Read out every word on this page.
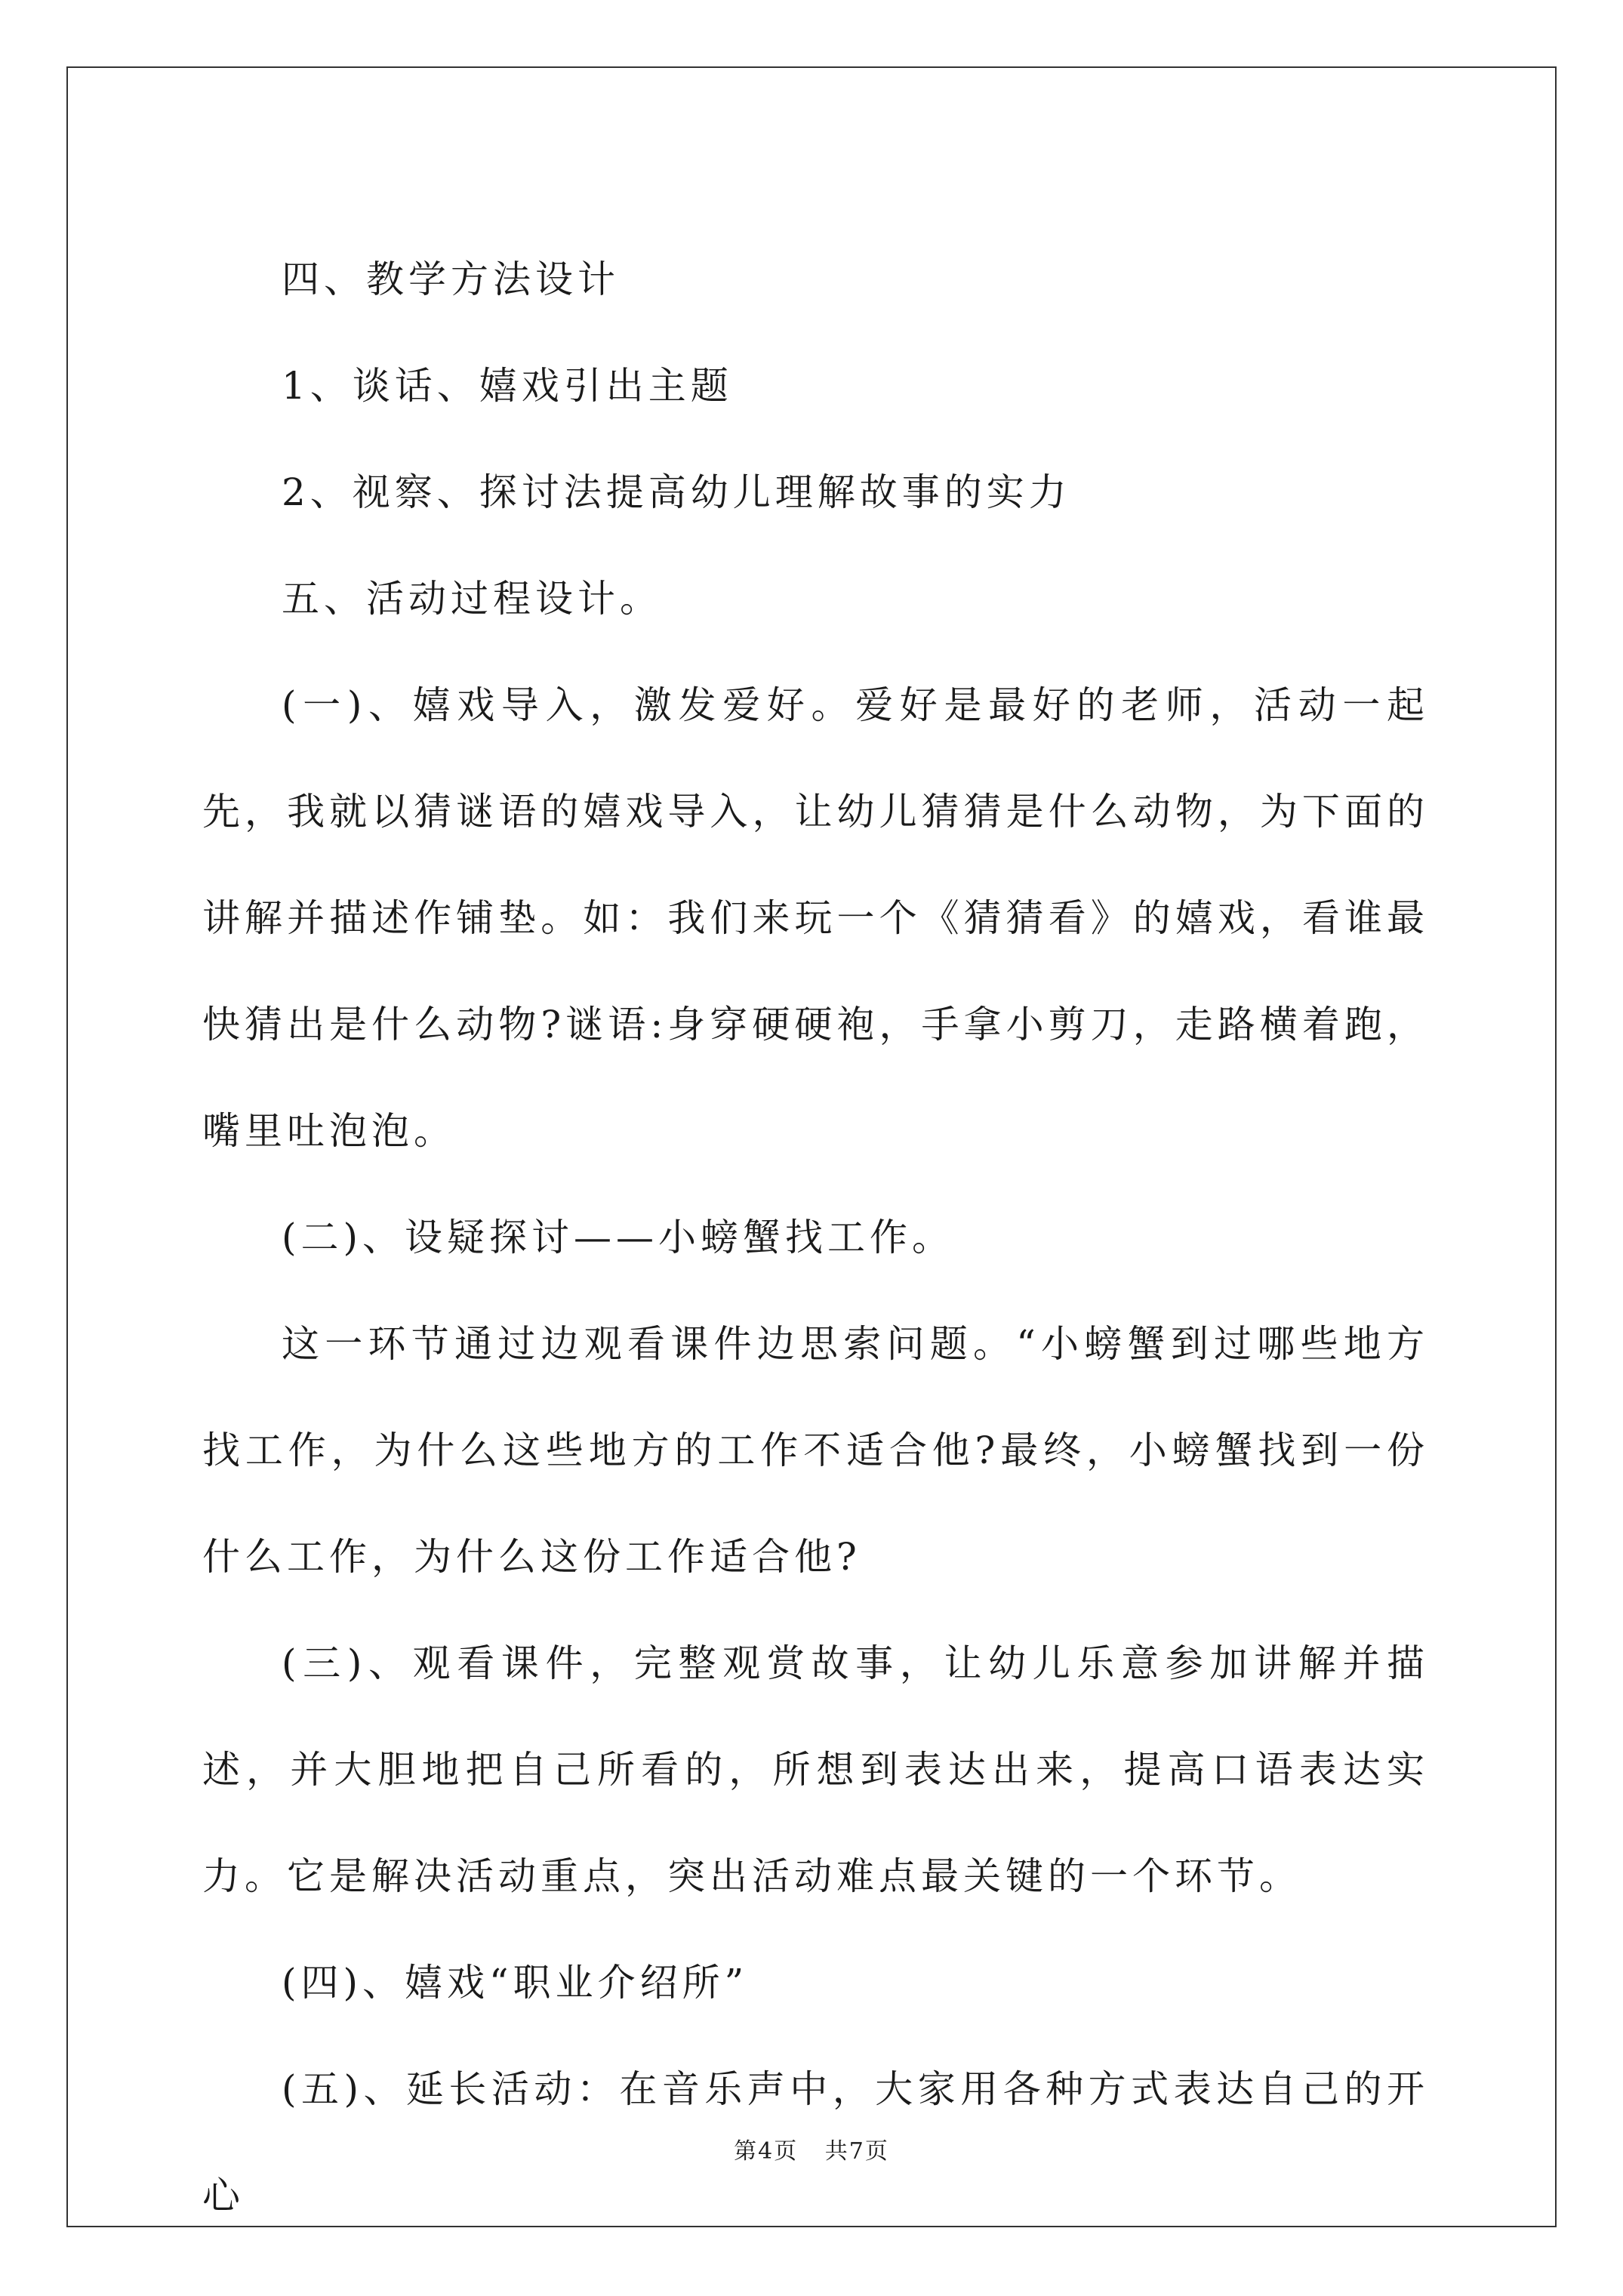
四、教学方法设计

1、谈话、嬉戏引出主题

2、视察、探讨法提高幼儿理解故事的实力

五、活动过程设计。

(一)、嬉戏导入，激发爱好。爱好是最好的老师，活动一起先，我就以猜谜语的嬉戏导入，让幼儿猜猜是什么动物，为下面的讲解并描述作铺垫。如：我们来玩一个《猜猜看》的嬉戏，看谁最快猜出是什么动物?谜语:身穿硬硬袍，手拿小剪刀，走路横着跑，嘴里吐泡泡。

(二)、设疑探讨——小螃蟹找工作。

这一环节通过边观看课件边思索问题。“小螃蟹到过哪些地方找工作，为什么这些地方的工作不适合他?最终，小螃蟹找到一份什么工作，为什么这份工作适合他?

(三)、观看课件，完整观赏故事，让幼儿乐意参加讲解并描述，并大胆地把自己所看的，所想到表达出来，提高口语表达实力。它是解决活动重点，突出活动难点最关键的一个环节。

(四)、嬉戏“职业介绍所”

(五)、延长活动：在音乐声中，大家用各种方式表达自己的开心

第4页 共7页
